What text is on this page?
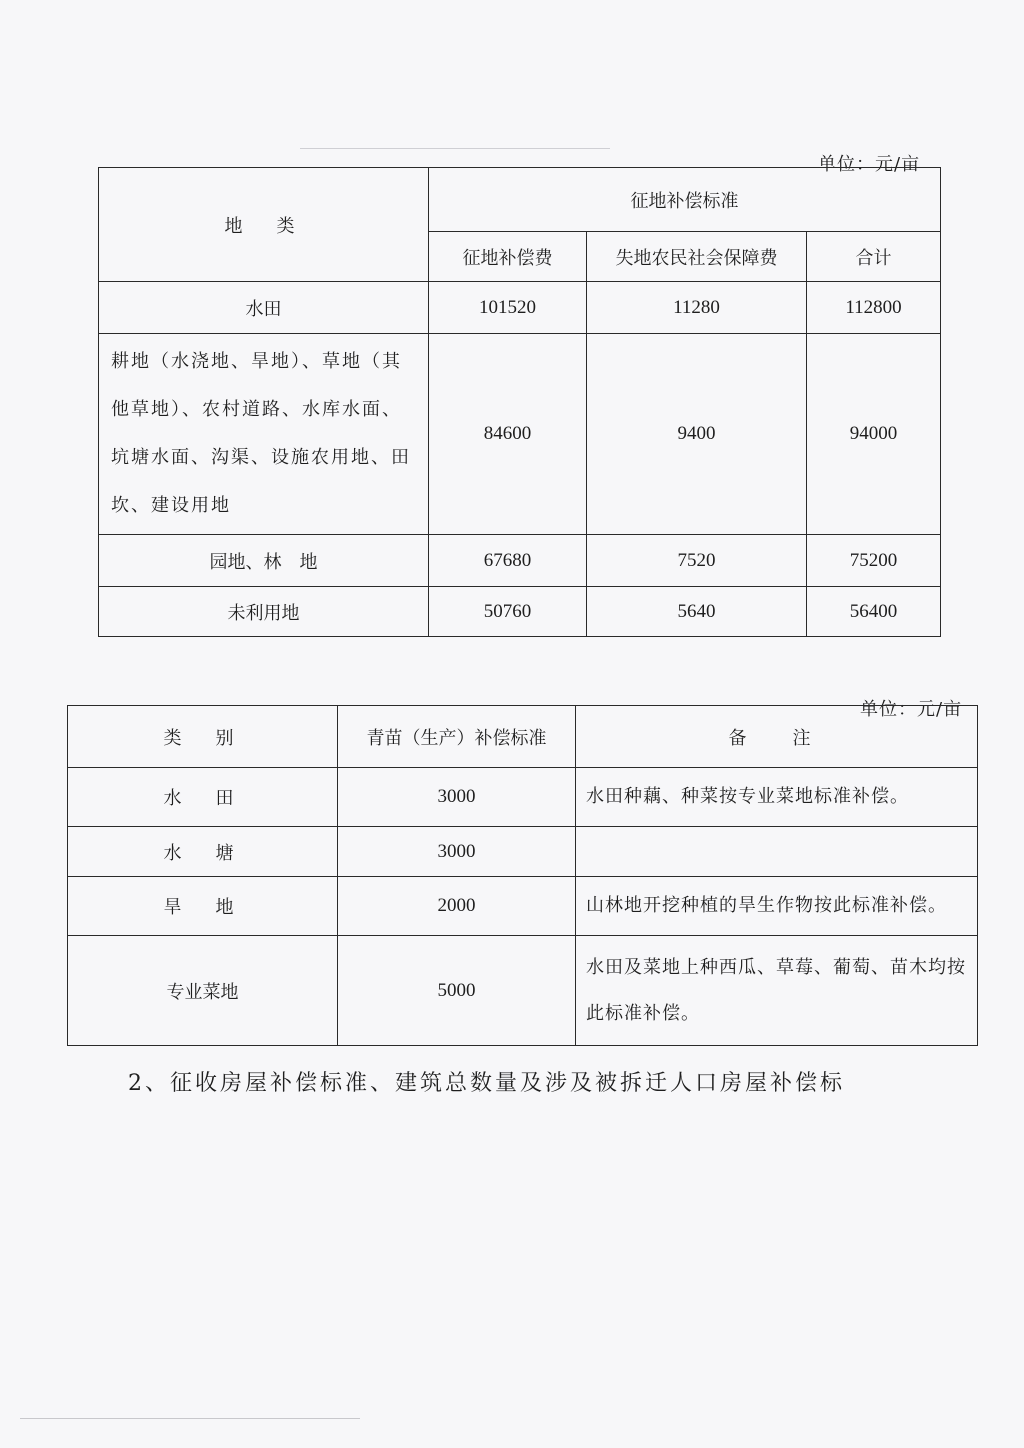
单位：元/亩
地　类	征地补偿标准		
	征地补偿费	失地农民社会保障费	合计
水田	101520	11280	112800
耕地（水浇地、旱地）、草地（其他草地）、农村道路、水库水面、坑塘水面、沟渠、设施农用地、田坎、建设用地	84600	9400	94000
园地、林　地	67680	7520	75200
未利用地	50760	5640	56400
单位：元/亩
类　别	青苗（生产）补偿标准	备　注
水　田	3000	水田种藕、种菜按专业菜地标准补偿。
水　塘	3000	
旱　地	2000	山林地开挖种植的旱生作物按此标准补偿。
专业菜地	5000	水田及菜地上种西瓜、草莓、葡萄、苗木均按此标准补偿。
2、征收房屋补偿标准、建筑总数量及涉及被拆迁人口房屋补偿标
